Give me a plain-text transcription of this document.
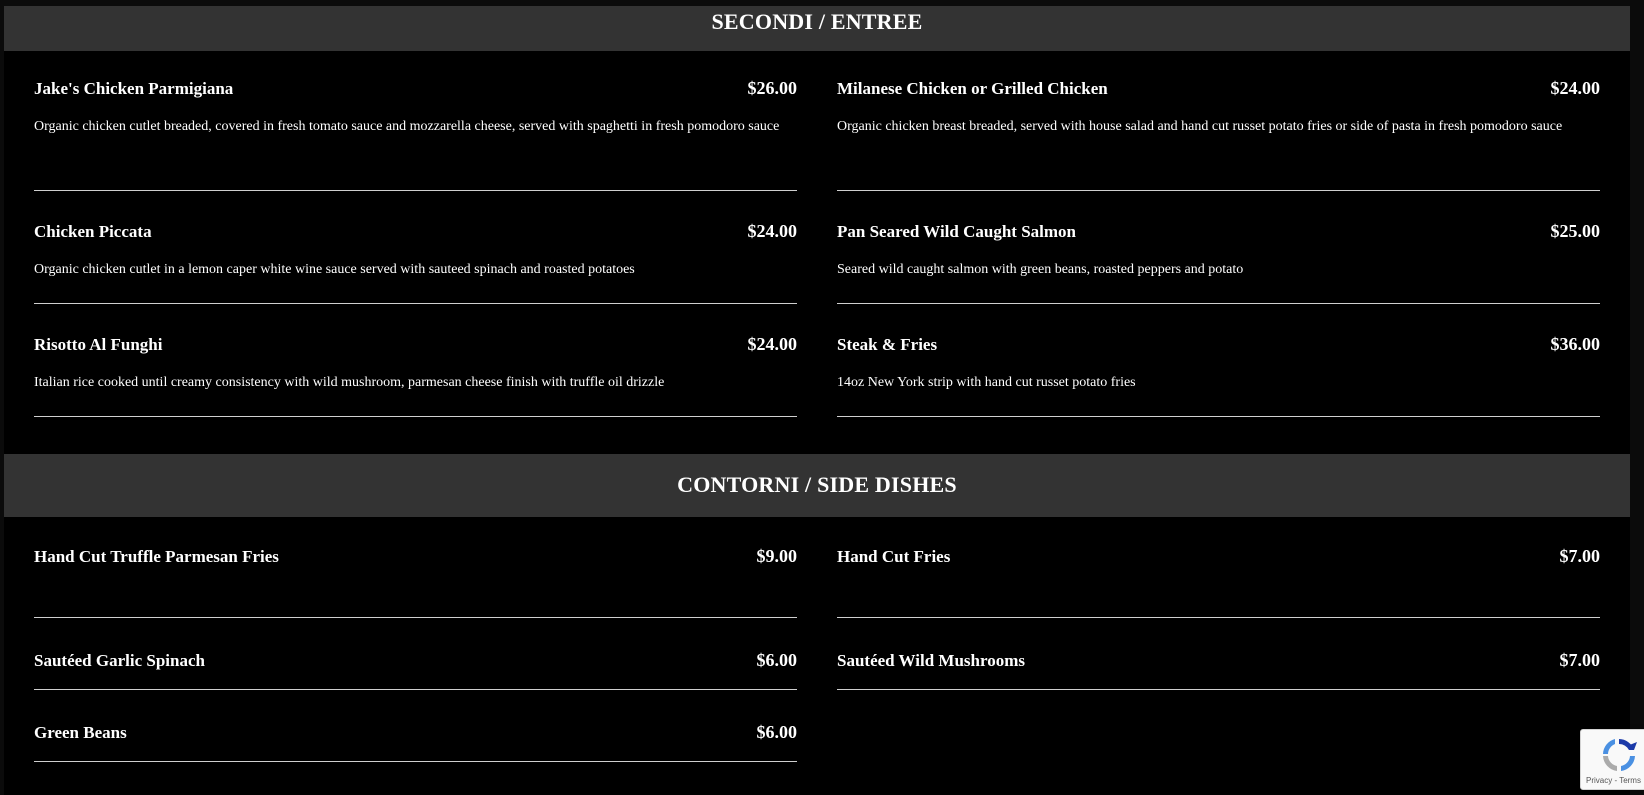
SECONDI / ENTREE
Jake's Chicken Parmigiana	$26.00
Organic chicken cutlet breaded, covered in fresh tomato sauce and mozzarella cheese, served with spaghetti in fresh pomodoro sauce
Chicken Piccata	$24.00
Organic chicken cutlet in a lemon caper white wine sauce served with sauteed spinach and roasted potatoes
Risotto Al Funghi	$24.00
Italian rice cooked until creamy consistency with wild mushroom, parmesan cheese finish with truffle oil drizzle
Milanese Chicken or Grilled Chicken	$24.00
Organic chicken breast breaded, served with house salad and hand cut russet potato fries or side of pasta in fresh pomodoro sauce
Pan Seared Wild Caught Salmon	$25.00
Seared wild caught salmon with green beans, roasted peppers and potato
Steak & Fries	$36.00
14oz New York strip with hand cut russet potato fries
CONTORNI / SIDE DISHES
Hand Cut Truffle Parmesan Fries	$9.00
Sautéed Garlic Spinach	$6.00
Green Beans	$6.00
Hand Cut Fries	$7.00
Sautéed Wild Mushrooms	$7.00
Privacy - Terms
